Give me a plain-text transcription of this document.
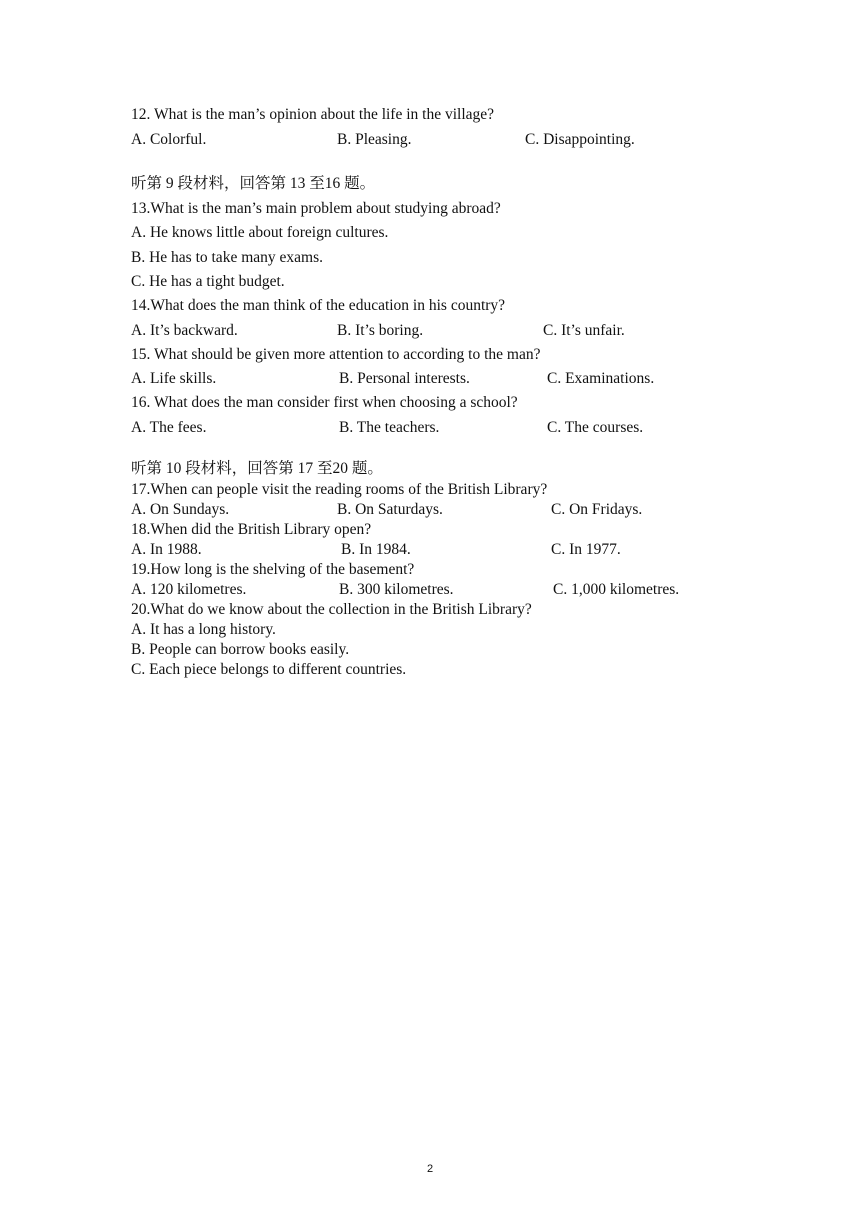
12. What is the man’s opinion about the life in the village?
A. Colorful.	B. Pleasing.	C. Disappointing.
听第 9 段材料，回答第 13 至16 题。
13.What is the man’s main problem about studying abroad?
A. He knows little about foreign cultures.
B. He has to take many exams.
C. He has a tight budget.
14.What does the man think of the education in his country?
A. It’s backward.	B. It’s boring.	C. It’s unfair.
15. What should be given more attention to according to the man?
A. Life skills.	B. Personal interests.	C. Examinations.
16. What does the man consider first when choosing a school?
A. The fees.	B. The teachers.	C. The courses.
听第 10 段材料，回答第 17 至20 题。
17.When can people visit the reading rooms of the British Library?
A. On Sundays.	B. On Saturdays.	C. On Fridays.
18.When did the British Library open?
A. In 1988.	B. In 1984.	C. In 1977.
19.How long is the shelving of the basement?
A. 120 kilometres.	B. 300 kilometres.	C. 1,000 kilometres.
20.What do we know about the collection in the British Library?
A. It has a long history.
B. People can borrow books easily.
C. Each piece belongs to different countries.
2
